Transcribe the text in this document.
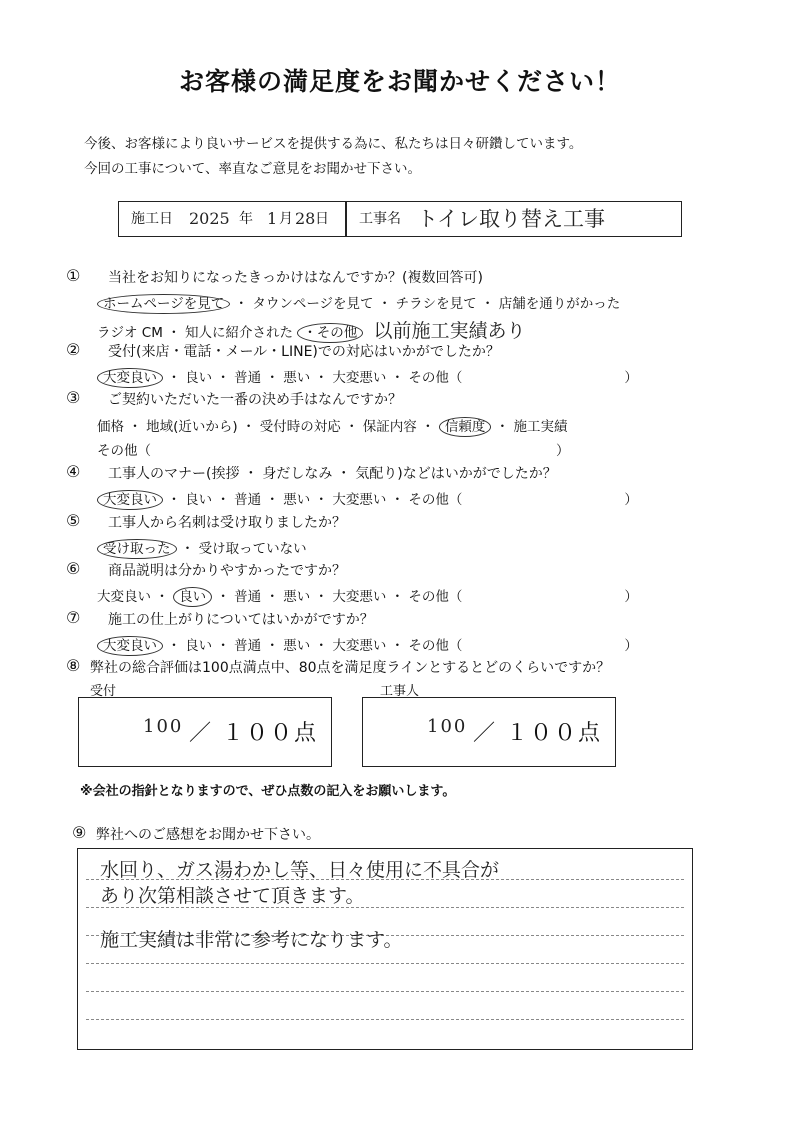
お客様の満足度をお聞かせください！
今後、お客様により良いサービスを提供する為に、私たちは日々研鑽しています。
今回の工事について、率直なご意見をお聞かせ下さい。
施工日 2025 年 1 月 28 日 工事名 トイレ取り替え工事
① 当社をお知りになったきっかけはなんですか？(複数回答可)
ホームページを見て ・ タウンページを見て ・ チラシを見て ・ 店舗を通りがかった
ラジオ CM ・ 知人に紹介された ・その他 以前施工実績あり
② 受付(来店・電話・メール・LINE)での対応はいかがでしたか？
大変良い ・ 良い ・ 普通 ・ 悪い ・ 大変悪い ・ その他（　　　　　　　　　　　　）
③ ご契約いただいた一番の決め手はなんですか？
価格 ・ 地域(近いから) ・ 受付時の対応 ・ 保証内容 ・ 信頼度 ・ 施工実績
その他（　　　　　　　　　　　　　　　　　　　　　　　　　　　　　　）
④ 工事人のマナー(挨拶 ・ 身だしなみ ・ 気配り)などはいかがでしたか？
大変良い ・ 良い ・ 普通 ・ 悪い ・ 大変悪い ・ その他（　　　　　　　　　　　　）
⑤ 工事人から名刺は受け取りましたか？
受け取った ・ 受け取っていない
⑥ 商品説明は分かりやすかったですか？
大変良い ・ 良い ・ 普通 ・ 悪い ・ 大変悪い ・ その他（　　　　　　　　　　　　）
⑦ 施工の仕上がりについてはいかがですか？
大変良い ・ 良い ・ 普通 ・ 悪い ・ 大変悪い ・ その他（　　　　　　　　　　　　）
⑧ 弊社の総合評価は100点満点中、80点を満足度ラインとするとどのくらいですか？
受付	工事人
100 ／ １００点	100 ／ １００点
※会社の指針となりますので、ぜひ点数の記入をお願いします。
⑨ 弊社へのご感想をお聞かせ下さい。
水回り、ガス湯わかし等、日々使用に不具合が
あり次第相談させて頂きます。
施工実績は非常に参考になります。
